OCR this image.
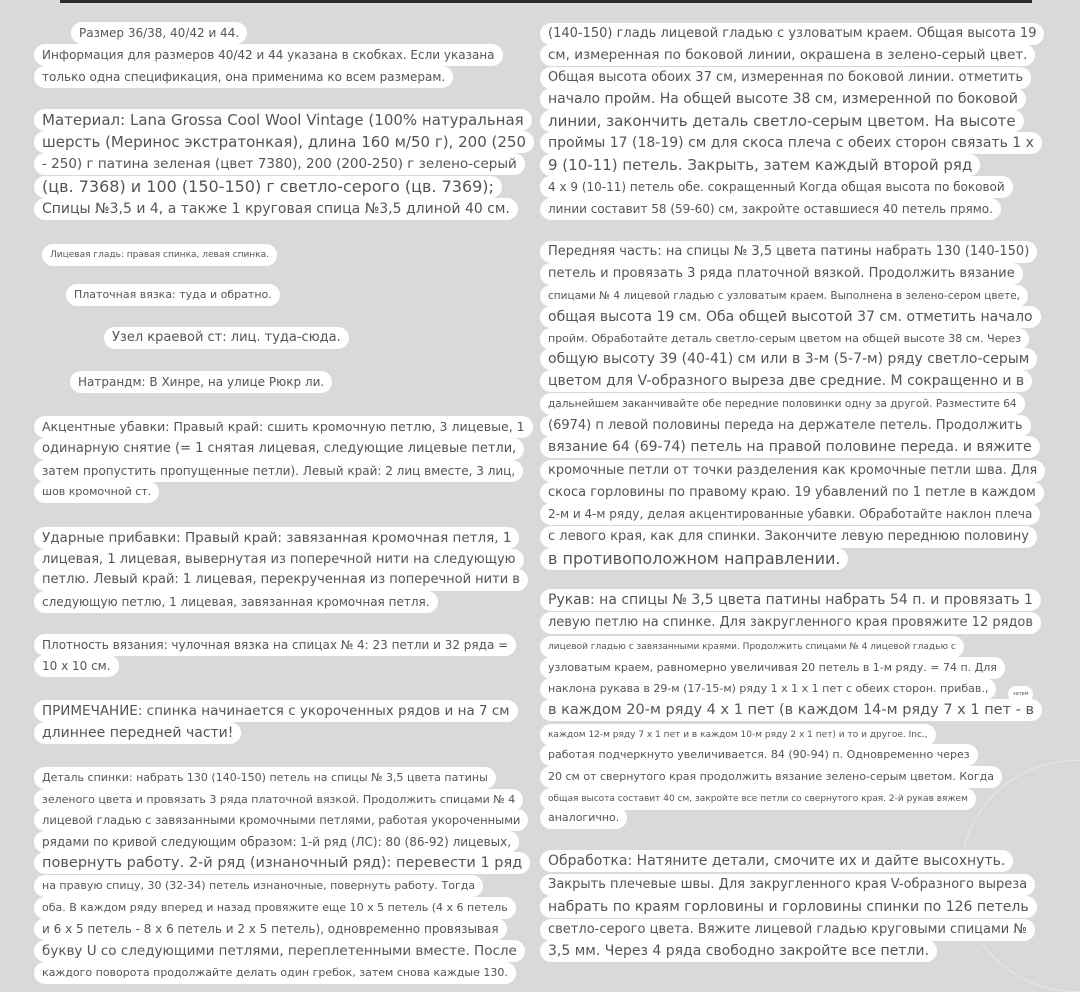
Размер 36/38, 40/42 и 44.
Информация для размеров 40/42 и 44 указана в скобках. Если указана
только одна спецификация, она применима ко всем размерам.
Материал: Lana Grossa Cool Wool Vintage (100% натуральная
шерсть (Меринос экстратонкая), длина 160 м/50 г), 200 (250
- 250) г патина зеленая (цвет 7380), 200 (200-250) г зелено-серый
(цв. 7368) и 100 (150-150) г светло-серого (цв. 7369);
Спицы №3,5 и 4, а также 1 круговая спица №3,5 длиной 40 см.
Лицевая гладь: правая спинка, левая спинка.
Платочная вязка: туда и обратно.
Узел краевой ст: лиц. туда-сюда.
Натрандм: В Хинре, на улице Рюкр ли.
Акцентные убавки: Правый край: сшить кромочную петлю, 3 лицевые, 1
одинарную снятие (= 1 снятая лицевая, следующие лицевые петли,
затем пропустить пропущенные петли). Левый край: 2 лиц вместе, 3 лиц,
шов кромочной ст.
Ударные прибавки: Правый край: завязанная кромочная петля, 1
лицевая, 1 лицевая, вывернутая из поперечной нити на следующую
петлю. Левый край: 1 лицевая, перекрученная из поперечной нити в
следующую петлю, 1 лицевая, завязанная кромочная петля.
Плотность вязания: чулочная вязка на спицах № 4: 23 петли и 32 ряда =
10 x 10 см.
ПРИМЕЧАНИЕ: спинка начинается с укороченных рядов и на 7 см
длиннее передней части!
Деталь спинки: набрать 130 (140-150) петель на спицы № 3,5 цвета патины
зеленого цвета и провязать 3 ряда платочной вязкой. Продолжить спицами № 4
лицевой гладью с завязанными кромочными петлями, работая укороченными
рядами по кривой следующим образом: 1-й ряд (ЛС): 80 (86-92) лицевых,
повернуть работу. 2-й ряд (изнаночный ряд): перевести 1 ряд
на правую спицу, 30 (32-34) петель изнаночные, повернуть работу. Тогда
оба. В каждом ряду вперед и назад провяжите еще 10 x 5 петель (4 x 6 петель
и 6 x 5 петель - 8 x 6 петель и 2 x 5 петель), одновременно провязывая
букву U со следующими петлями, переплетенными вместе. После
каждого поворота продолжайте делать один гребок, затем снова каждые 130.
(140-150) гладь лицевой гладью с узловатым краем. Общая высота 19
см, измеренная по боковой линии, окрашена в зелено-серый цвет.
Общая высота обоих 37 см, измеренная по боковой линии. отметить
начало пройм. На общей высоте 38 см, измеренной по боковой
линии, закончить деталь светло-серым цветом. На высоте
проймы 17 (18-19) см для скоса плеча с обеих сторон связать 1 x
9 (10-11) петель. Закрыть, затем каждый второй ряд
4 x 9 (10-11) петель обе. сокращенный Когда общая высота по боковой
линии составит 58 (59-60) см, закройте оставшиеся 40 петель прямо.
Передняя часть: на спицы № 3,5 цвета патины набрать 130 (140-150)
петель и провязать 3 ряда платочной вязкой. Продолжить вязание
спицами № 4 лицевой гладью с узловатым краем. Выполнена в зелено-сером цвете,
общая высота 19 см. Оба общей высотой 37 см. отметить начало
пройм. Обработайте деталь светло-серым цветом на общей высоте 38 см. Через
общую высоту 39 (40-41) см или в 3-м (5-7-м) ряду светло-серым
цветом для V-образного выреза две средние. М сокращенно и в
дальнейшем заканчивайте обе передние половинки одну за другой. Разместите 64
(6974) п левой половины переда на держателе петель. Продолжить
вязание 64 (69-74) петель на правой половине переда. и вяжите
кромочные петли от точки разделения как кромочные петли шва. Для
скоса горловины по правому краю. 19 убавлений по 1 петле в каждом
2-м и 4-м ряду, делая акцентированные убавки. Обработайте наклон плеча
с левого края, как для спинки. Закончите левую переднюю половину
в противоположном направлении.
Рукав: на спицы № 3,5 цвета патины набрать 54 п. и провязать 1
левую петлю на спинке. Для закругленного края провяжите 12 рядов
лицевой гладью с завязанными краями. Продолжить спицами № 4 лицевой гладью с
узловатым краем, равномерно увеличивая 20 петель в 1-м ряду. = 74 п. Для
наклона рукава в 29-м (17-15-м) ряду 1 x 1 x 1 пет с обеих сторон. прибав.,
в каждом 20-м ряду 4 x 1 пет (в каждом 14-м ряду 7 x 1 пет - в
каждом 12-м ряду 7 x 1 пет и в каждом 10-м ряду 2 x 1 пет) и то и другое. Inc.,
работая подчеркнуто увеличивается. 84 (90-94) п. Одновременно через
20 см от свернутого края продолжить вязание зелено-серым цветом. Когда
общая высота составит 40 см, закройте все петли со свернутого края. 2-й рукав вяжем
аналогично.
затем
Обработка: Натяните детали, смочите их и дайте высохнуть.
Закрыть плечевые швы. Для закругленного края V-образного выреза
набрать по краям горловины и горловины спинки по 126 петель
светло-серого цвета. Вяжите лицевой гладью круговыми спицами №
3,5 мм. Через 4 ряда свободно закройте все петли.
